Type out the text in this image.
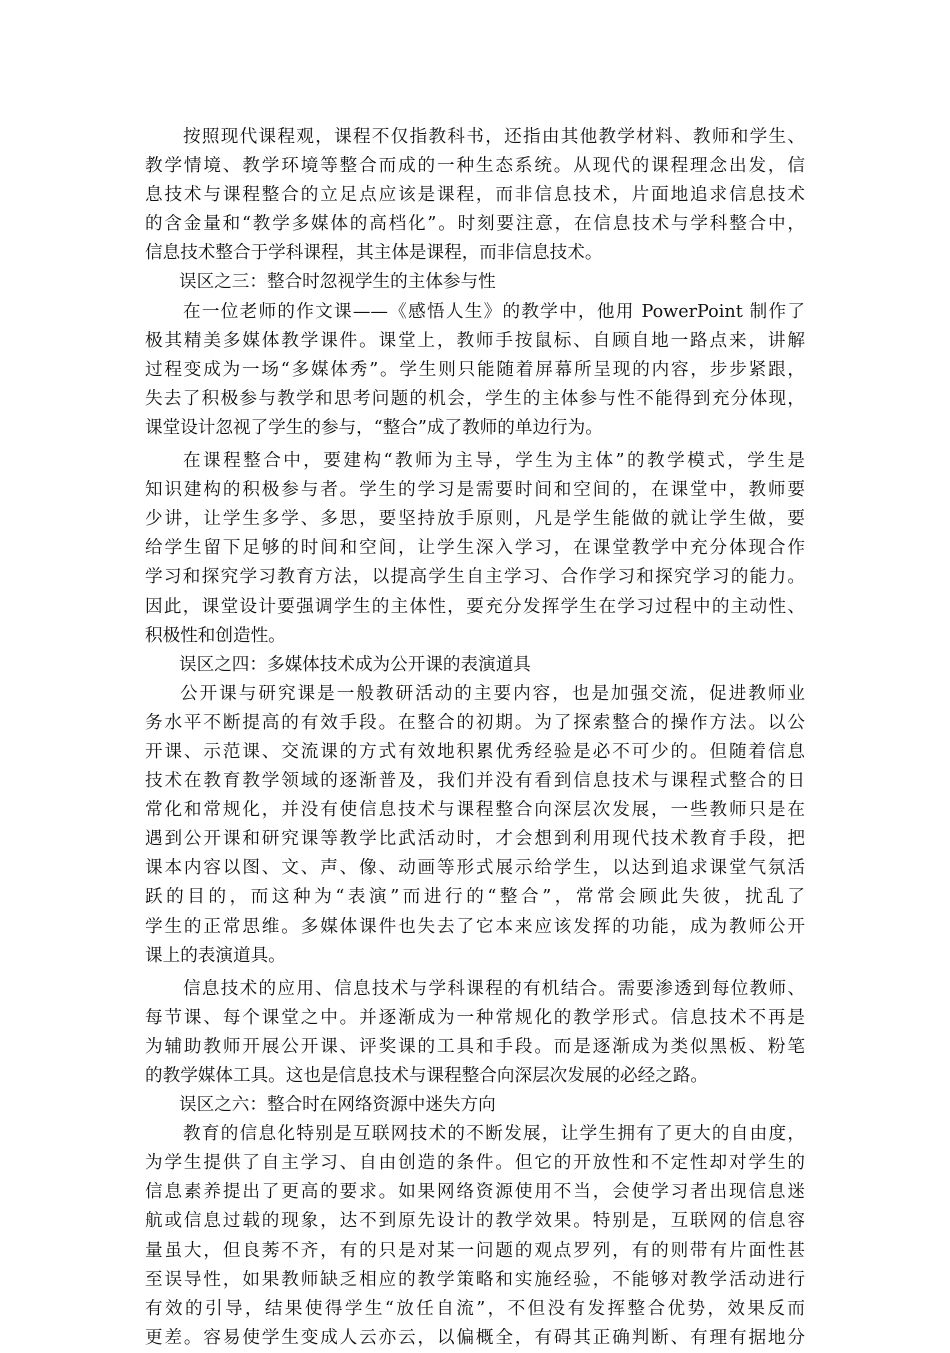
按照现代课程观，课程不仅指教科书，还指由其他教学材料、教师和学生、
教学情境、教学环境等整合而成的一种生态系统。从现代的课程理念出发，信
息技术与课程整合的立足点应该是课程，而非信息技术，片面地追求信息技术
的含金量和“教学多媒体的高档化”。时刻要注意，在信息技术与学科整合中，
信息技术整合于学科课程，其主体是课程，而非信息技术。
误区之三：整合时忽视学生的主体参与性
在一位老师的作文课——《感悟人生》的教学中，他用 PowerPoint 制作了
极其精美多媒体教学课件。课堂上，教师手按鼠标、自顾自地一路点来，讲解
过程变成为一场“多媒体秀”。学生则只能随着屏幕所呈现的内容，步步紧跟，
失去了积极参与教学和思考问题的机会，学生的主体参与性不能得到充分体现，
课堂设计忽视了学生的参与，“整合”成了教师的单边行为。
在课程整合中，要建构“教师为主导，学生为主体”的教学模式，学生是
知识建构的积极参与者。学生的学习是需要时间和空间的，在课堂中，教师要
少讲，让学生多学、多思，要坚持放手原则，凡是学生能做的就让学生做，要
给学生留下足够的时间和空间，让学生深入学习，在课堂教学中充分体现合作
学习和探究学习教育方法，以提高学生自主学习、合作学习和探究学习的能力。
因此，课堂设计要强调学生的主体性，要充分发挥学生在学习过程中的主动性、
积极性和创造性。
误区之四：多媒体技术成为公开课的表演道具
公开课与研究课是一般教研活动的主要内容，也是加强交流，促进教师业
务水平不断提高的有效手段。在整合的初期。为了探索整合的操作方法。以公
开课、示范课、交流课的方式有效地积累优秀经验是必不可少的。但随着信息
技术在教育教学领域的逐渐普及，我们并没有看到信息技术与课程式整合的日
常化和常规化，并没有使信息技术与课程整合向深层次发展，一些教师只是在
遇到公开课和研究课等教学比武活动时，才会想到利用现代技术教育手段，把
课本内容以图、文、声、像、动画等形式展示给学生，以达到追求课堂气氛活
跃的目的，而这种为“表演”而进行的“整合”，常常会顾此失彼，扰乱了
学生的正常思维。多媒体课件也失去了它本来应该发挥的功能，成为教师公开
课上的表演道具。
信息技术的应用、信息技术与学科课程的有机结合。需要渗透到每位教师、
每节课、每个课堂之中。并逐渐成为一种常规化的教学形式。信息技术不再是
为辅助教师开展公开课、评奖课的工具和手段。而是逐渐成为类似黑板、粉笔
的教学媒体工具。这也是信息技术与课程整合向深层次发展的必经之路。
误区之六：整合时在网络资源中迷失方向
教育的信息化特别是互联网技术的不断发展，让学生拥有了更大的自由度，
为学生提供了自主学习、自由创造的条件。但它的开放性和不定性却对学生的
信息素养提出了更高的要求。如果网络资源使用不当，会使学习者出现信息迷
航或信息过载的现象，达不到原先设计的教学效果。特别是，互联网的信息容
量虽大，但良莠不齐，有的只是对某一问题的观点罗列，有的则带有片面性甚
至误导性，如果教师缺乏相应的教学策略和实施经验，不能够对教学活动进行
有效的引导，结果使得学生“放任自流”，不但没有发挥整合优势，效果反而
更差。容易使学生变成人云亦云，以偏概全，有碍其正确判断、有理有据地分
